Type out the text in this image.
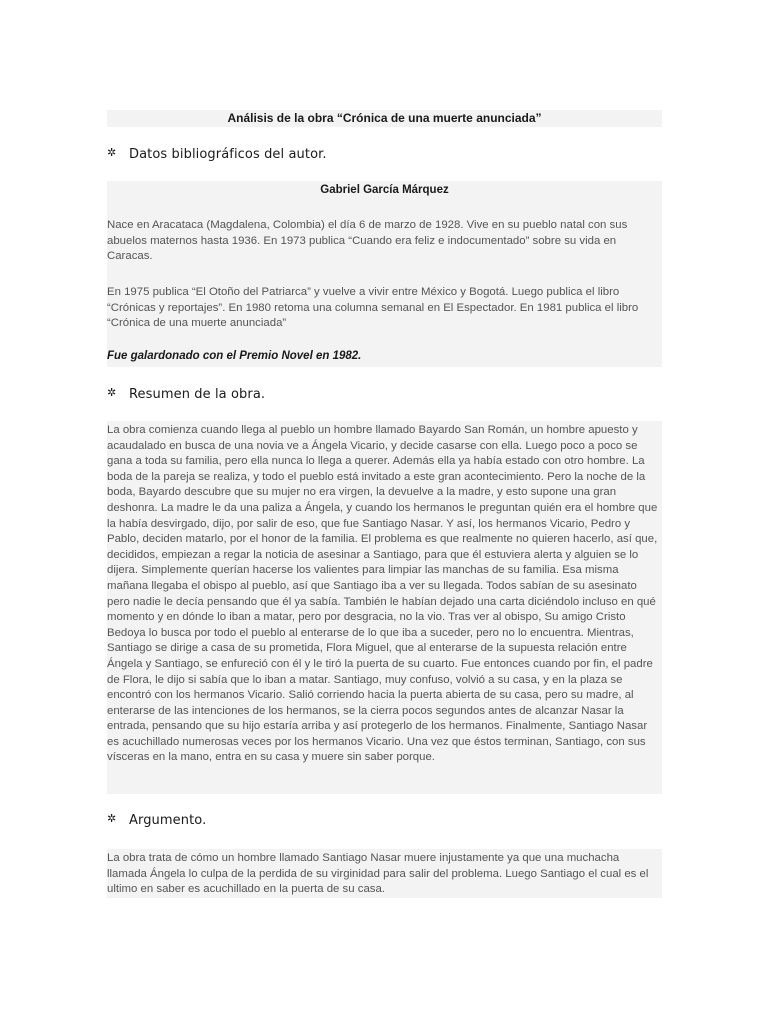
Análisis de la obra “Crónica de una muerte anunciada”
✲ Datos bibliográficos del autor.
Gabriel García Márquez

Nace en Aracataca (Magdalena, Colombia) el día 6 de marzo de 1928. Vive en su pueblo natal con sus abuelos maternos hasta 1936. En 1973 publica “Cuando era feliz e indocumentado” sobre su vida en Caracas.

En 1975 publica “El Otoño del Patriarca” y vuelve a vivir entre México y Bogotá. Luego publica el libro “Crónicas y reportajes”. En 1980 retoma una columna semanal en El Espectador. En 1981 publica el libro “Crónica de una muerte anunciada”

Fue galardonado con el Premio Novel en 1982.
✲ Resumen de la obra.

La obra comienza cuando llega al pueblo un hombre llamado Bayardo San Román, un hombre apuesto y acaudalado en busca de una novia ve a Ángela Vicario, y decide casarse con ella. Luego poco a poco se gana a toda su familia, pero ella nunca lo llega a querer. Además ella ya había estado con otro hombre. La boda de la pareja se realiza, y todo el pueblo está invitado a este gran acontecimiento. Pero la noche de la boda, Bayardo descubre que su mujer no era virgen, la devuelve a la madre, y esto supone una gran deshonra. La madre le da una paliza a Ángela, y cuando los hermanos le preguntan quién era el hombre que la había desvirgado, dijo, por salir de eso, que fue Santiago Nasar. Y así, los hermanos Vicario, Pedro y Pablo, deciden matarlo, por el honor de la familia. El problema es que realmente no quieren hacerlo, así que, decididos, empiezan a regar la noticia de asesinar a Santiago, para que él estuviera alerta y alguien se lo dijera. Simplemente querían hacerse los valientes para limpiar las manchas de su familia. Esa misma mañana llegaba el obispo al pueblo, así que Santiago iba a ver su llegada. Todos sabían de su asesinato pero nadie le decía pensando que él ya sabía. También le habían dejado una carta diciéndolo incluso en qué momento y en dónde lo iban a matar, pero por desgracia, no la vio. Tras ver al obispo, Su amigo Cristo Bedoya lo busca por todo el pueblo al enterarse de lo que iba a suceder, pero no lo encuentra. Mientras, Santiago se dirige a casa de su prometida, Flora Miguel, que al enterarse de la supuesta relación entre Ángela y Santiago, se enfureció con él y le tiró la puerta de su cuarto. Fue entonces cuando por fin, el padre de Flora, le dijo si sabía que lo iban a matar. Santiago, muy confuso, volvió a su casa, y en la plaza se encontró con los hermanos Vicario. Salió corriendo hacia la puerta abierta de su casa, pero su madre, al enterarse de las intenciones de los hermanos, se la cierra pocos segundos antes de alcanzar Nasar la entrada, pensando que su hijo estaría arriba y así protegerlo de los hermanos. Finalmente, Santiago Nasar es acuchillado numerosas veces por los hermanos Vicario. Una vez que éstos terminan, Santiago, con sus vísceras en la mano, entra en su casa y muere sin saber porque.

✲ Argumento.

La obra trata de cómo un hombre llamado Santiago Nasar muere injustamente ya que una muchacha llamada Ángela lo culpa de la perdida de su virginidad para salir del problema. Luego Santiago el cual es el ultimo en saber es acuchillado en la puerta de su casa.
